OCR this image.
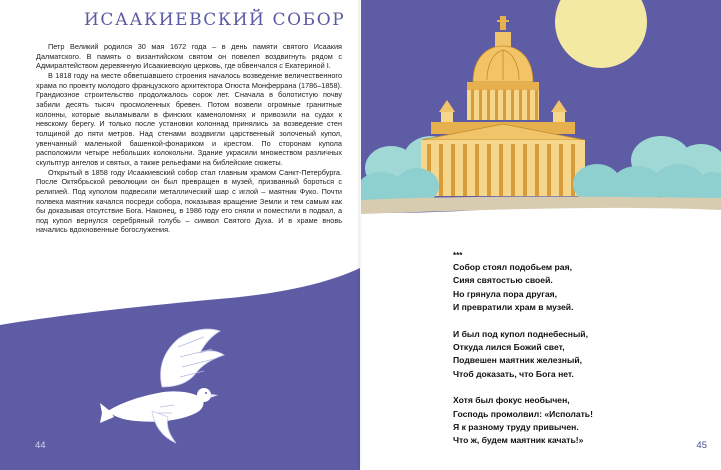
ИСААКИЕВСКИЙ СОБОР

Петр Великий родился 30 мая 1672 года – в день памяти святого Исаакия Далматского. В память о византийском святом он повелел воздвигнуть рядом с Адмиралтейством деревянную Исаакиевскую церковь, где обвенчался с Екатериной I.

В 1818 году на месте обветшавшего строения началось возведение величественного храма по проекту молодого французского архитектора Огюста Монферрана (1786–1858). Грандиозное строительство продолжалось сорок лет. Сначала в болотистую почву забили десять тысяч просмоленных бревен. Потом возвели огромные гранитные колонны, которые выламывали в финских каменоломнях и привозили на судах к невскому берегу. И только после установки колоннад принялись за возведение стен толщиной до пяти метров. Над стенами воздвигли царственный золоченый купол, увенчанный маленькой башенкой-фонариком и крестом. По сторонам купола расположили четыре небольших колокольни. Здание украсили множеством различных скульптур ангелов и святых, а также рельефами на библейские сюжеты.

Открытый в 1858 году Исаакиевский собор стал главным храмом Санкт-Петербурга. После Октябрьской революции он был превращен в музей, призванный бороться с религией. Под куполом подвесили металлический шар с иглой – маятник Фуко. Почти полвека маятник качался посреди собора, показывая вращение Земли и тем самым как бы доказывая отсутствие Бога. Наконец, в 1986 году его сняли и поместили в подвал, а под купол вернулся серебряный голубь – символ Святого Духа. И в храме вновь начались вдохновенные богослужения.

44
***
Собор стоял подобьем рая,
Сияя святостью своей.
Но грянула пора другая,
И превратили храм в музей.
И был под купол поднебесный,
Откуда лился Божий свет,
Подвешен маятник железный,
Чтоб доказать, что Бога нет.
Хотя был фокус необычен,
Господь промолвил: «Исполать!
Я к разному труду привычен.
Что ж, будем маятник качать!»	45
